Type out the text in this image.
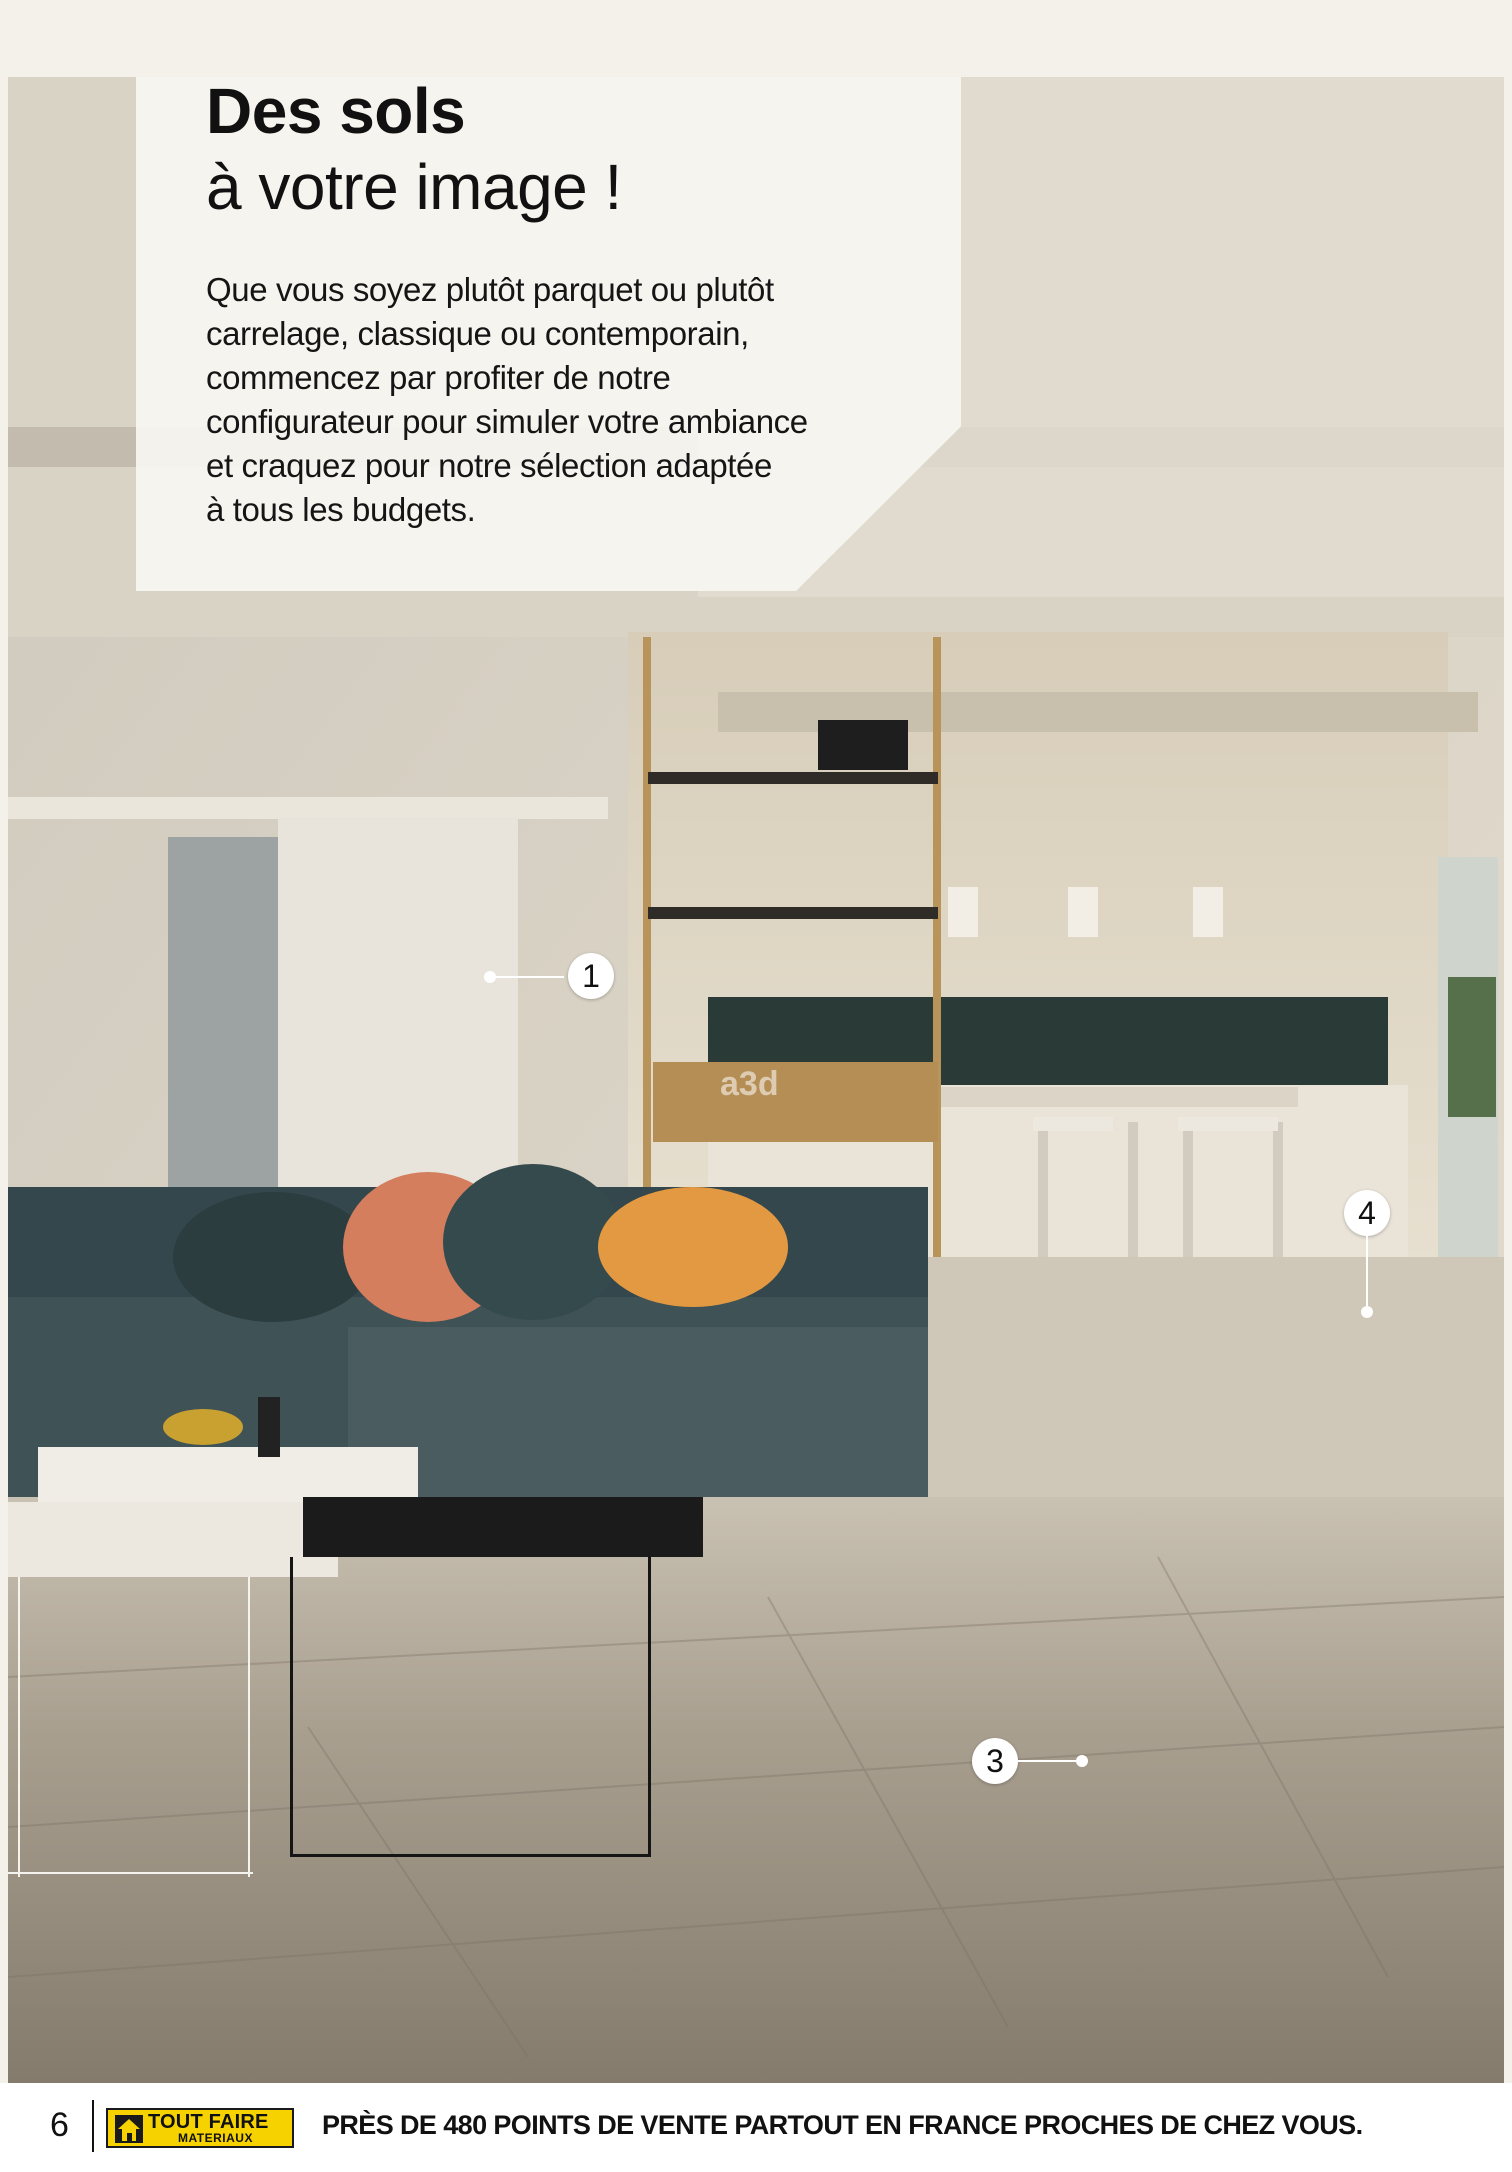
Des sols
à votre image !

Que vous soyez plutôt parquet ou plutôt
carrelage, classique ou contemporain,
commencez par profiter de notre
configurateur pour simuler votre ambiance
et craquez pour notre sélection adaptée
à tous les budgets.

a3d
1
3
4
6	TOUT FAIRE
MATERIAUX	PRÈS DE 480 POINTS DE VENTE PARTOUT EN FRANCE PROCHES DE CHEZ VOUS.
